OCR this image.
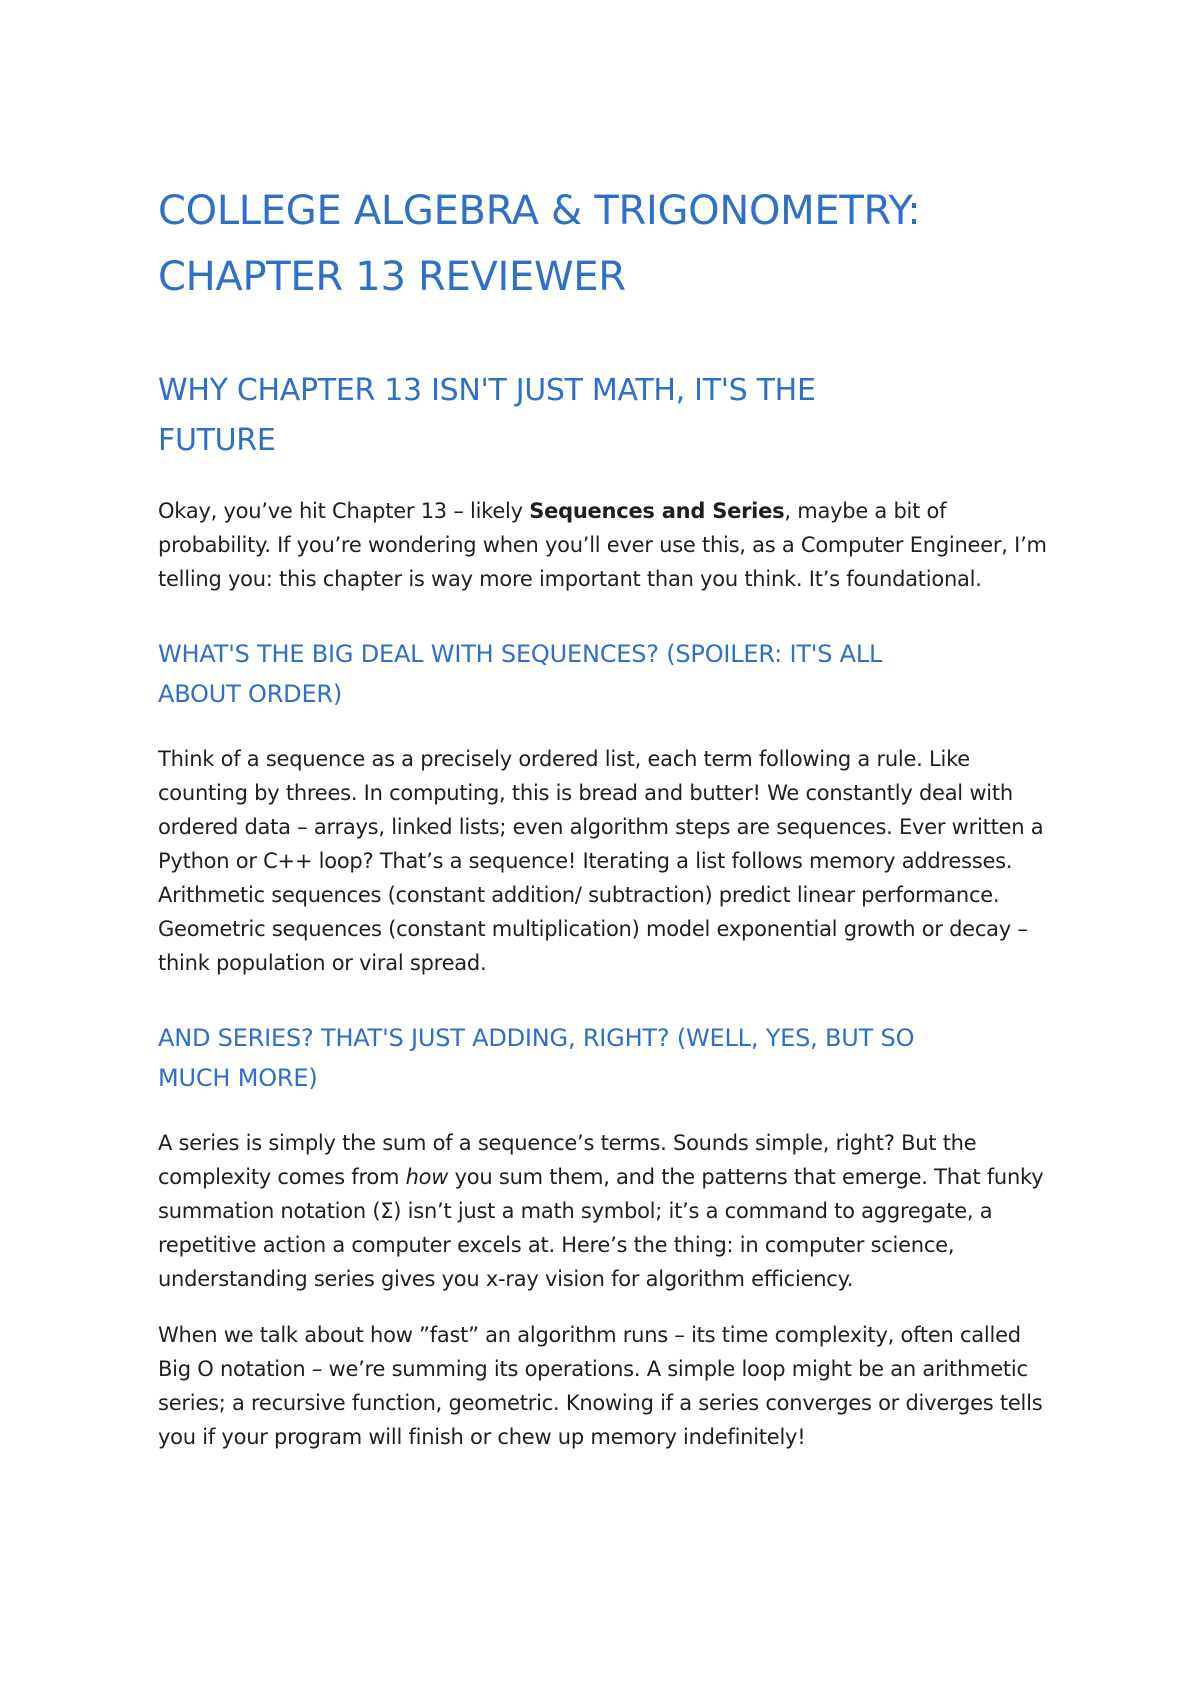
COLLEGE ALGEBRA & TRIGONOMETRY:
CHAPTER 13 REVIEWER
WHY CHAPTER 13 ISN'T JUST MATH, IT'S THE
FUTURE

Okay, you’ve hit Chapter 13 – likely Sequences and Series, maybe a bit of probability. If you’re wondering when you’ll ever use this, as a Computer Engineer, I’m telling you: this chapter is way more important than you think. It’s foundational.

WHAT'S THE BIG DEAL WITH SEQUENCES? (SPOILER: IT'S ALL
ABOUT ORDER)

Think of a sequence as a precisely ordered list, each term following a rule. Like counting by threes. In computing, this is bread and butter! We constantly deal with ordered data – arrays, linked lists; even algorithm steps are sequences. Ever written a Python or C++ loop? That’s a sequence! Iterating a list follows memory addresses. Arithmetic sequences (constant addition/ subtraction) predict linear performance. Geometric sequences (constant multiplication) model exponential growth or decay – think population or viral spread.

AND SERIES? THAT'S JUST ADDING, RIGHT? (WELL, YES, BUT SO
MUCH MORE)

A series is simply the sum of a sequence’s terms. Sounds simple, right? But the complexity comes from how you sum them, and the patterns that emerge. That funky summation notation (Σ) isn’t just a math symbol; it’s a command to aggregate, a repetitive action a computer excels at. Here’s the thing: in computer science, understanding series gives you x-ray vision for algorithm efficiency.

When we talk about how ”fast” an algorithm runs – its time complexity, often called Big O notation – we’re summing its operations. A simple loop might be an arithmetic series; a recursive function, geometric. Knowing if a series converges or diverges tells you if your program will finish or chew up memory indefinitely!
